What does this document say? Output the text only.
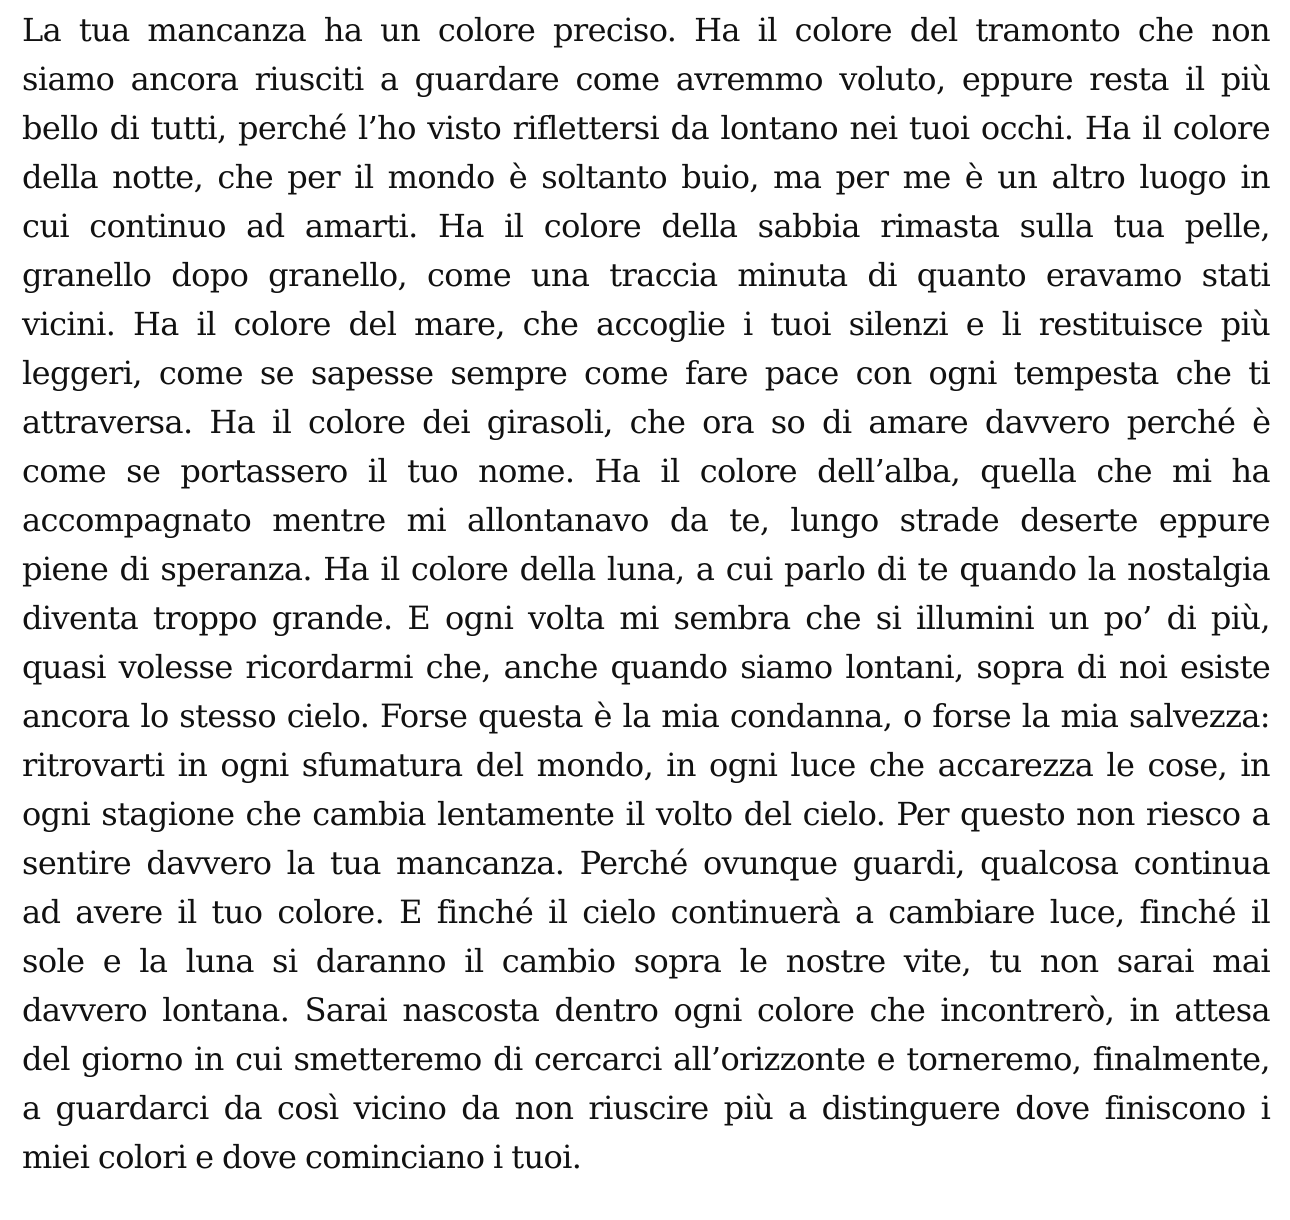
La tua mancanza ha un colore preciso. Ha il colore del tramonto che non
siamo ancora riusciti a guardare come avremmo voluto, eppure resta il più
bello di tutti, perché l’ho visto riflettersi da lontano nei tuoi occhi. Ha il colore
della notte, che per il mondo è soltanto buio, ma per me è un altro luogo in
cui continuo ad amarti. Ha il colore della sabbia rimasta sulla tua pelle,
granello dopo granello, come una traccia minuta di quanto eravamo stati
vicini. Ha il colore del mare, che accoglie i tuoi silenzi e li restituisce più
leggeri, come se sapesse sempre come fare pace con ogni tempesta che ti
attraversa. Ha il colore dei girasoli, che ora so di amare davvero perché è
come se portassero il tuo nome. Ha il colore dell’alba, quella che mi ha
accompagnato mentre mi allontanavo da te, lungo strade deserte eppure
piene di speranza. Ha il colore della luna, a cui parlo di te quando la nostalgia
diventa troppo grande. E ogni volta mi sembra che si illumini un po’ di più,
quasi volesse ricordarmi che, anche quando siamo lontani, sopra di noi esiste
ancora lo stesso cielo. Forse questa è la mia condanna, o forse la mia salvezza:
ritrovarti in ogni sfumatura del mondo, in ogni luce che accarezza le cose, in
ogni stagione che cambia lentamente il volto del cielo. Per questo non riesco a
sentire davvero la tua mancanza. Perché ovunque guardi, qualcosa continua
ad avere il tuo colore. E finché il cielo continuerà a cambiare luce, finché il
sole e la luna si daranno il cambio sopra le nostre vite, tu non sarai mai
davvero lontana. Sarai nascosta dentro ogni colore che incontrerò, in attesa
del giorno in cui smetteremo di cercarci all’orizzonte e torneremo, finalmente,
a guardarci da così vicino da non riuscire più a distinguere dove finiscono i
miei colori e dove cominciano i tuoi.
